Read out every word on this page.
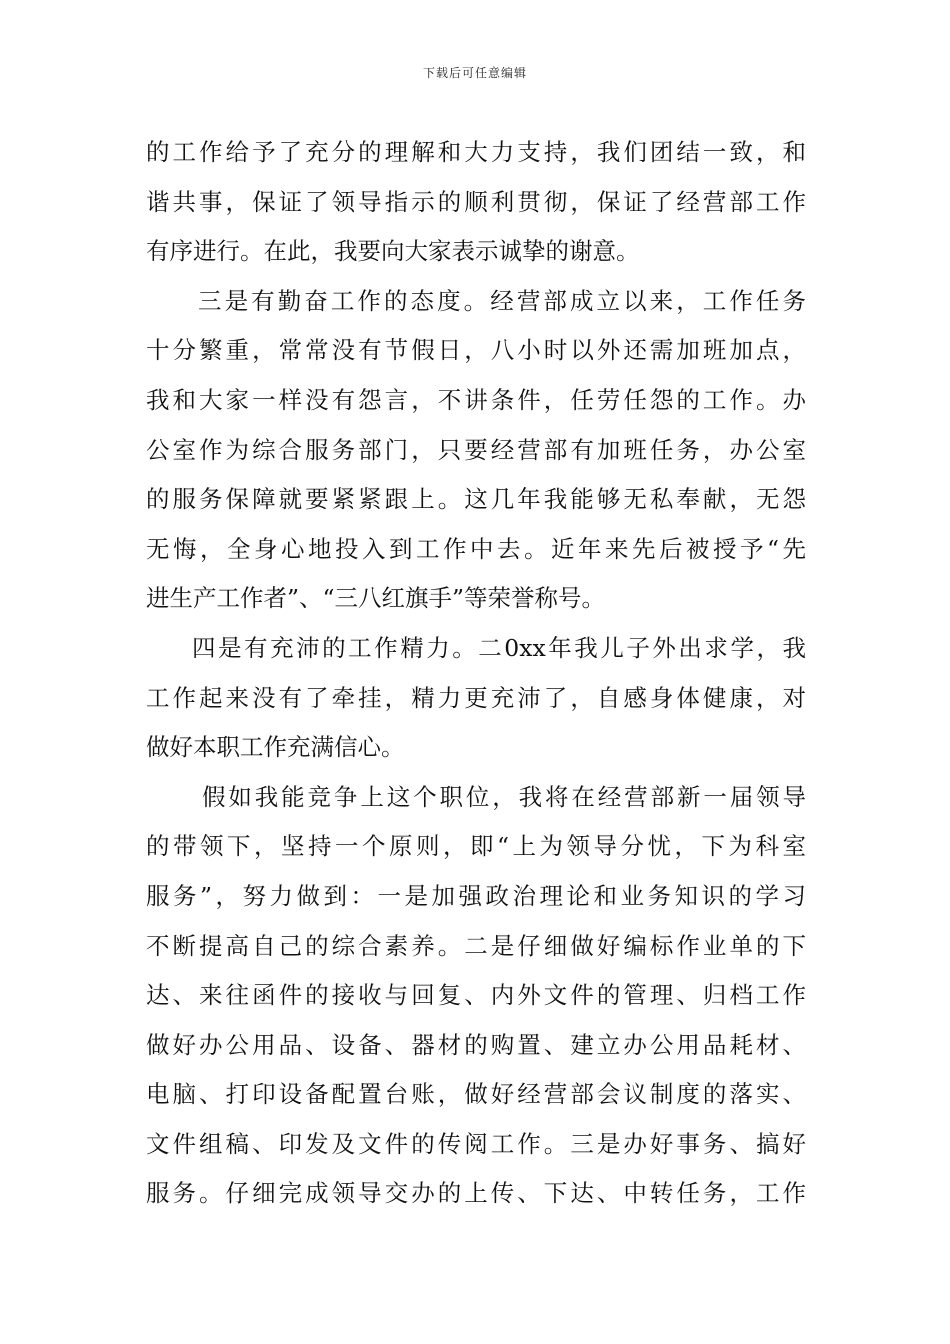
下载后可任意编辑
的工作给予了充分的理解和大力支持，我们团结一致，和
谐共事，保证了领导指示的顺利贯彻，保证了经营部工作
有序进行。在此，我要向大家表示诚挚的谢意。
三是有勤奋工作的态度。经营部成立以来，工作任务
十分繁重，常常没有节假日，八小时以外还需加班加点，
我和大家一样没有怨言，不讲条件，任劳任怨的工作。办
公室作为综合服务部门，只要经营部有加班任务，办公室
的服务保障就要紧紧跟上。这几年我能够无私奉献，无怨
无悔，全身心地投入到工作中去。近年来先后被授予“先
进生产工作者”、“三八红旗手”等荣誉称号。
四是有充沛的工作精力。二0xx年我儿子外出求学，我
工作起来没有了牵挂，精力更充沛了，自感身体健康，对
做好本职工作充满信心。
假如我能竞争上这个职位，我将在经营部新一届领导
的带领下，坚持一个原则，即“上为领导分忧，下为科室
服务”，努力做到：一是加强政治理论和业务知识的学习
不断提高自己的综合素养。二是仔细做好编标作业单的下
达、来往函件的接收与回复、内外文件的管理、归档工作
做好办公用品、设备、器材的购置、建立办公用品耗材、
电脑、打印设备配置台账，做好经营部会议制度的落实、
文件组稿、印发及文件的传阅工作。三是办好事务、搞好
服务。仔细完成领导交办的上传、下达、中转任务，工作
